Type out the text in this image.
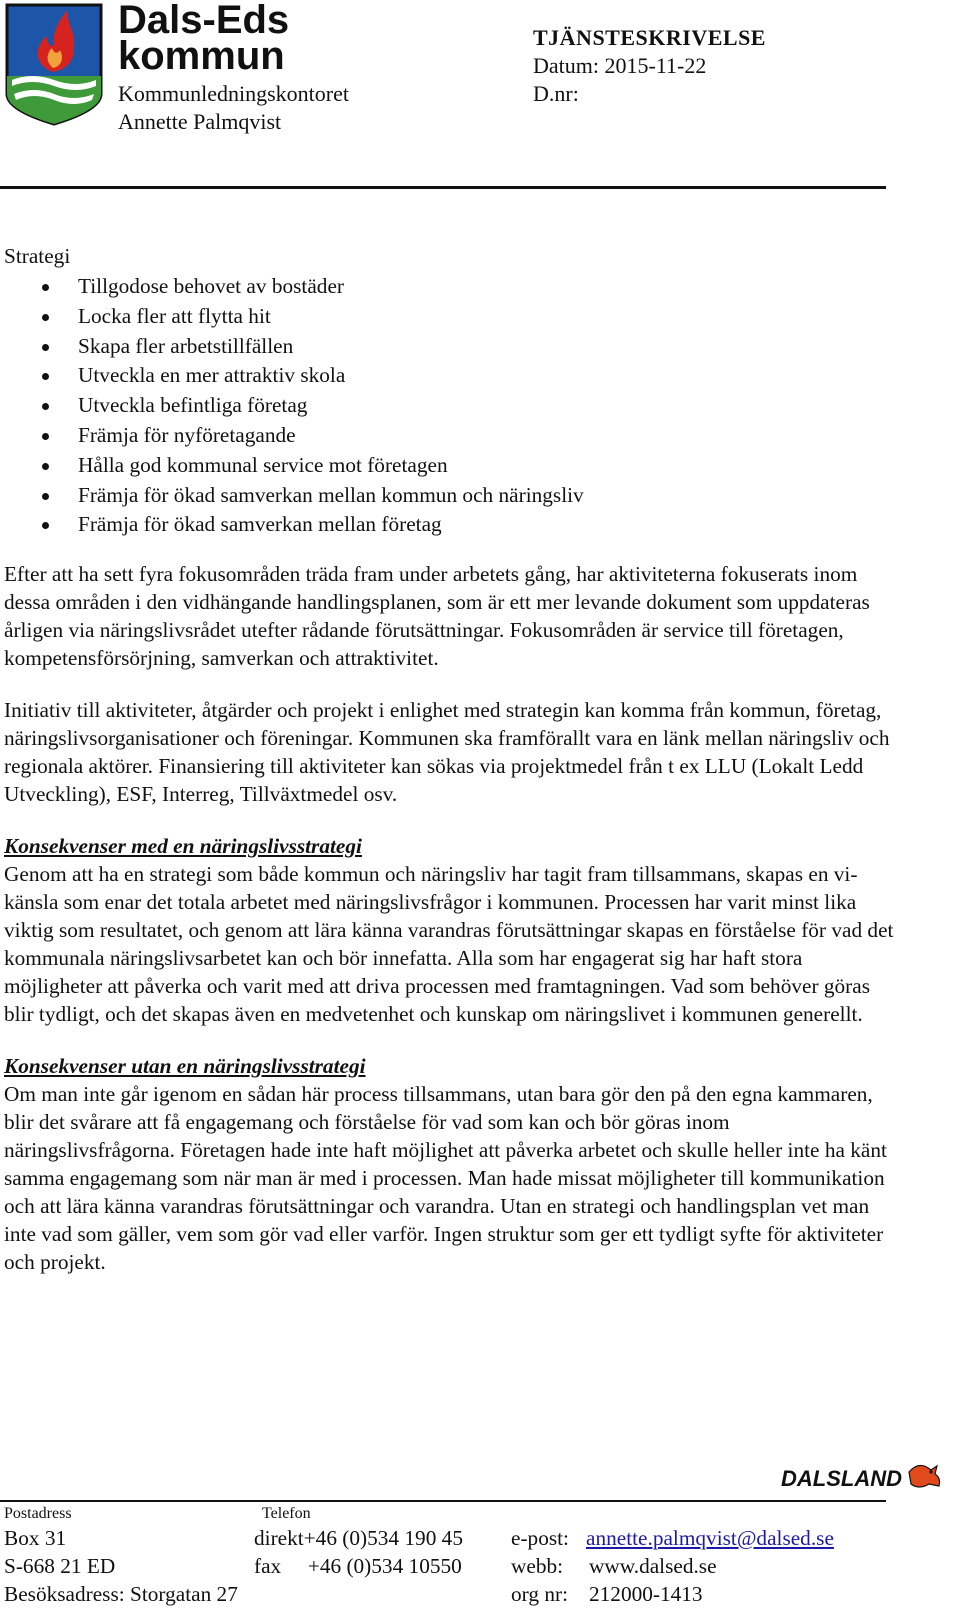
Dals-Eds
kommun
Kommunledningskontoret
Annette Palmqvist
TJÄNSTESKRIVELSE
Datum: 2015-11-22
D.nr:

Strategi

Tillgodose behovet av bostäder
Locka fler att flytta hit
Skapa fler arbetstillfällen
Utveckla en mer attraktiv skola
Utveckla befintliga företag
Främja för nyföretagande
Hålla god kommunal service mot företagen
Främja för ökad samverkan mellan kommun och näringsliv
Främja för ökad samverkan mellan företag

Efter att ha sett fyra fokusområden träda fram under arbetets gång, har aktiviteterna fokuserats inom dessa områden i den vidhängande handlingsplanen, som är ett mer levande dokument som uppdateras årligen via näringslivsrådet utefter rådande förutsättningar. Fokusområden är service till företagen, kompetensförsörjning, samverkan och attraktivitet.

Initiativ till aktiviteter, åtgärder och projekt i enlighet med strategin kan komma från kommun, företag, näringslivsorganisationer och föreningar. Kommunen ska framförallt vara en länk mellan näringsliv och regionala aktörer. Finansiering till aktiviteter kan sökas via projektmedel från t ex LLU (Lokalt Ledd Utveckling), ESF, Interreg, Tillväxtmedel osv.

Konsekvenser med en näringslivsstrategi

Genom att ha en strategi som både kommun och näringsliv har tagit fram tillsammans, skapas en vi-känsla som enar det totala arbetet med näringslivsfrågor i kommunen. Processen har varit minst lika viktig som resultatet, och genom att lära känna varandras förutsättningar skapas en förståelse för vad det kommunala näringslivsarbetet kan och bör innefatta. Alla som har engagerat sig har haft stora möjligheter att påverka och varit med att driva processen med framtagningen. Vad som behöver göras blir tydligt, och det skapas även en medvetenhet och kunskap om näringslivet i kommunen generellt.

Konsekvenser utan en näringslivsstrategi

Om man inte går igenom en sådan här process tillsammans, utan bara gör den på den egna kammaren, blir det svårare att få engagemang och förståelse för vad som kan och bör göras inom näringslivsfrågorna. Företagen hade inte haft möjlighet att påverka arbetet och skulle heller inte ha känt samma engagemang som när man är med i processen. Man hade missat möjligheter till kommunikation och att lära känna varandras förutsättningar och varandra. Utan en strategi och handlingsplan vet man inte vad som gäller, vem som gör vad eller varför. Ingen struktur som ger ett tydligt syfte för aktiviteter och projekt.

DALSLAND
Postadress	Telefon
Box 31
S-668 21 ED
Besöksadress: Storgatan 27
direkt+46 (0)534 190 45
fax     +46 (0)534 10550
e-post: annette.palmqvist@dalsed.se
webb: www.dalsed.se
org nr: 212000-1413
